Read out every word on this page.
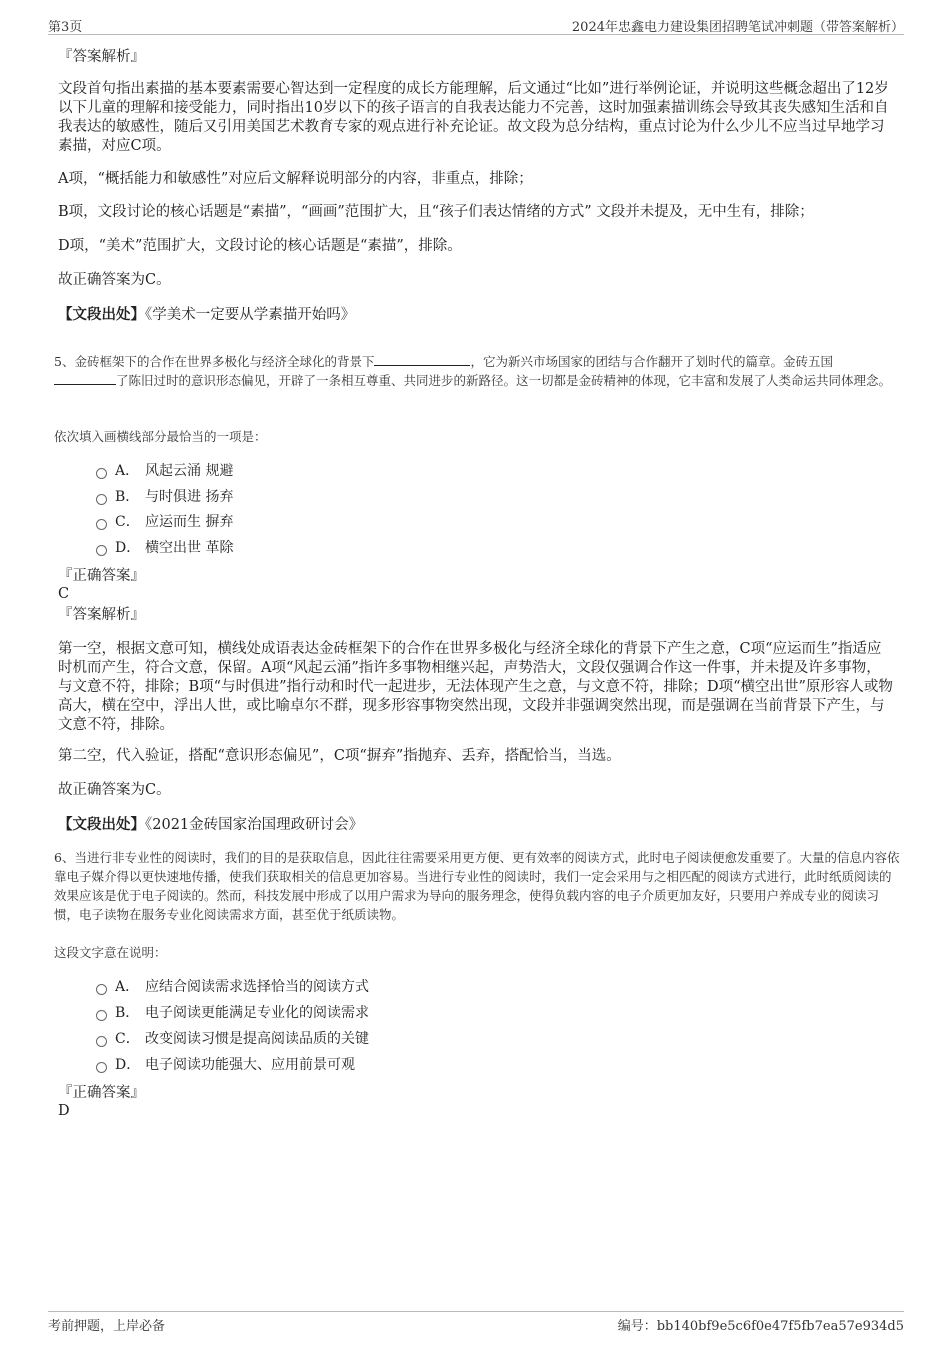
第3页	2024年忠鑫电力建设集团招聘笔试冲刺题（带答案解析）
『答案解析』
文段首句指出素描的基本要素需要心智达到一定程度的成长方能理解，后文通过“比如”进行举例论证，并说明这些概念超出了12岁以下儿童的理解和接受能力，同时指出10岁以下的孩子语言的自我表达能力不完善，这时加强素描训练会导致其丧失感知生活和自我表达的敏感性，随后又引用美国艺术教育专家的观点进行补充论证。故文段为总分结构，重点讨论为什么少儿不应当过早地学习素描，对应C项。
A项，“概括能力和敏感性”对应后文解释说明部分的内容，非重点，排除；
B项，文段讨论的核心话题是“素描”，“画画”范围扩大，且“孩子们表达情绪的方式” 文段并未提及，无中生有，排除；
D项，“美术”范围扩大，文段讨论的核心话题是“素描”，排除。
故正确答案为C。
【文段出处】《学美术一定要从学素描开始吗》
5、金砖框架下的合作在世界多极化与经济全球化的背景下	，它为新兴市场国家的团结与合作翻开了划时代的篇章。金砖五国
了陈旧过时的意识形态偏见，开辟了一条相互尊重、共同进步的新路径。这一切都是金砖精神的体现，它丰富和发展了人类命运共同体理念。
依次填入画横线部分最恰当的一项是：
A． 风起云涌 规避
B． 与时俱进 扬弃
C． 应运而生 摒弃
D． 横空出世 革除
『正确答案』
C
『答案解析』
第一空，根据文意可知，横线处成语表达金砖框架下的合作在世界多极化与经济全球化的背景下产生之意，C项“应运而生”指适应时机而产生，符合文意，保留。A项“风起云涌”指许多事物相继兴起，声势浩大，文段仅强调合作这一件事，并未提及许多事物，与文意不符，排除；B项“与时俱进”指行动和时代一起进步，无法体现产生之意，与文意不符，排除；D项“横空出世”原形容人或物高大，横在空中，浮出人世，或比喻卓尔不群，现多形容事物突然出现，文段并非强调突然出现，而是强调在当前背景下产生，与文意不符，排除。
第二空，代入验证，搭配“意识形态偏见”，C项“摒弃”指抛弃、丢弃，搭配恰当，当选。
故正确答案为C。
【文段出处】《2021金砖国家治国理政研讨会》
6、当进行非专业性的阅读时，我们的目的是获取信息，因此往往需要采用更方便、更有效率的阅读方式，此时电子阅读便愈发重要了。大量的信息内容依靠电子媒介得以更快速地传播，使我们获取相关的信息更加容易。当进行专业性的阅读时，我们一定会采用与之相匹配的阅读方式进行，此时纸质阅读的效果应该是优于电子阅读的。然而，科技发展中形成了以用户需求为导向的服务理念，使得负载内容的电子介质更加友好，只要用户养成专业的阅读习惯，电子读物在服务专业化阅读需求方面，甚至优于纸质读物。
这段文字意在说明：
A． 应结合阅读需求选择恰当的阅读方式
B． 电子阅读更能满足专业化的阅读需求
C． 改变阅读习惯是提高阅读品质的关键
D． 电子阅读功能强大、应用前景可观
『正确答案』
D
考前押题，上岸必备	编号：bb140bf9e5c6f0e47f5fb7ea57e934d5
